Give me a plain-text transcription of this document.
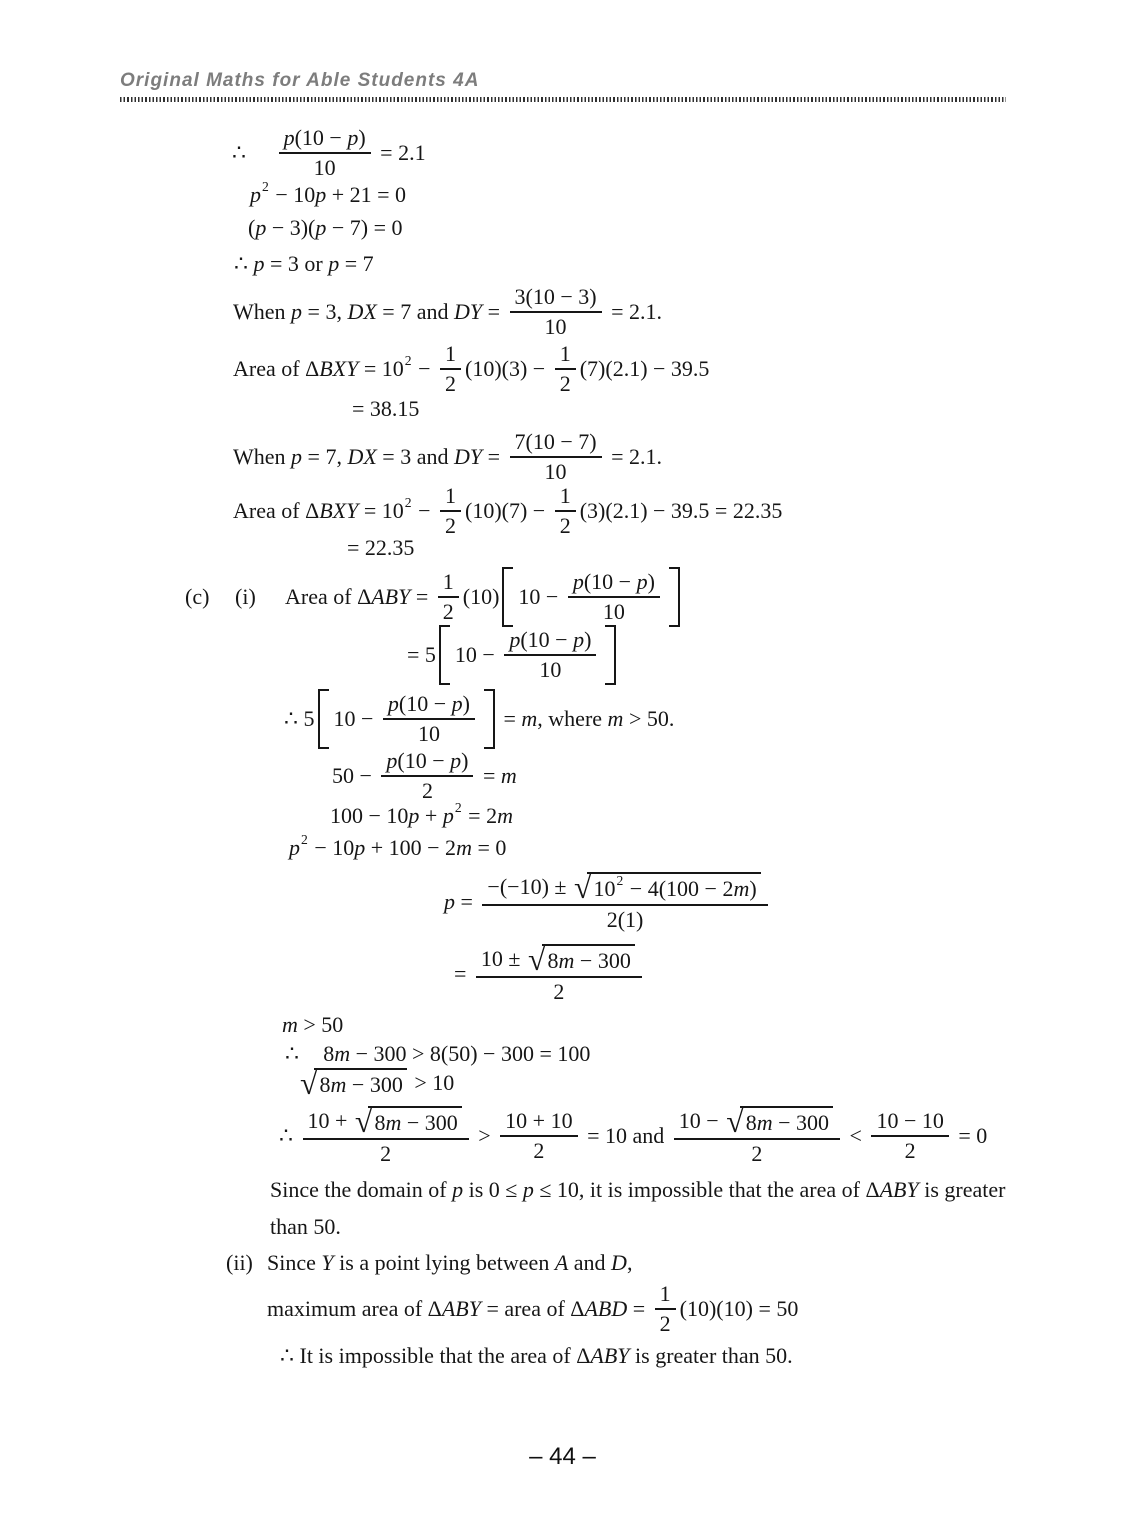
Original Maths for Able Students 4A
∴ $\frac{p (10 - p )}{10} = 2.1$
p 2 − 10 p + 21 = 0
( p − 3)( p − 7) = 0
∴ p = 3 or p = 7
When p = 3, DX = 7 and DY = $\frac{3(10 - 3)}{10} = 2.1$.
Area of Δ BXY = 10 $2 - \frac{1}{2} (10)(3) - \frac{1}{2} (7)(2.1) - 39.5$
= 38.15
When p = 7, DX = 3 and DY = $\frac{7(10 - 7)}{10} = 2.1$.
Area of Δ BXY = 10 $2 - \frac{1}{2} (10)(7) - \frac{1}{2} (3)(2.1) - 39.5 = 22.35$
= 22.35
(c)	(i)	Area of Δ ABY = $\frac{1}{2} (10) 10 - \frac{p (10 - p )}{10}$
= 5 $10 - \frac{p (10 - p )}{10}$
∴ 5 $10 - \frac{p (10 - p )}{10} = m$ , where m > 50.
$50 - \frac{p (10 - p )}{2} = m$
100 − 10 p + p 2 = 2 m
p 2 − 10 p + 100 − 2 m = 0
$p = \frac{-(-10) \pm √ 10 2 - 4(100 - 2 m )}{2(1)}$
= $\frac{10 \pm √ 8 m - 300}{2}$
m > 50
∴ 8 m − 300 > 8(50) − 300 = 100
√ 8 m − 300 > 10
∴ $\frac{10 + √ 8 m - 300}{2} > \frac{10 + 10}{2} = 10$ and $\frac{10 - √ 8 m - 300}{2} < \frac{10 - 10}{2} = 0$
Since the domain of p is 0 ≤ p ≤ 10, it is impossible that the area of Δ ABY is greater
than 50.
(ii) Since Y is a point lying between A and D ,
maximum area of Δ ABY = area of Δ ABD = $\frac{1}{2} (10)(10) = 50$
∴ It is impossible that the area of Δ ABY is greater than 50.
– 44 –
